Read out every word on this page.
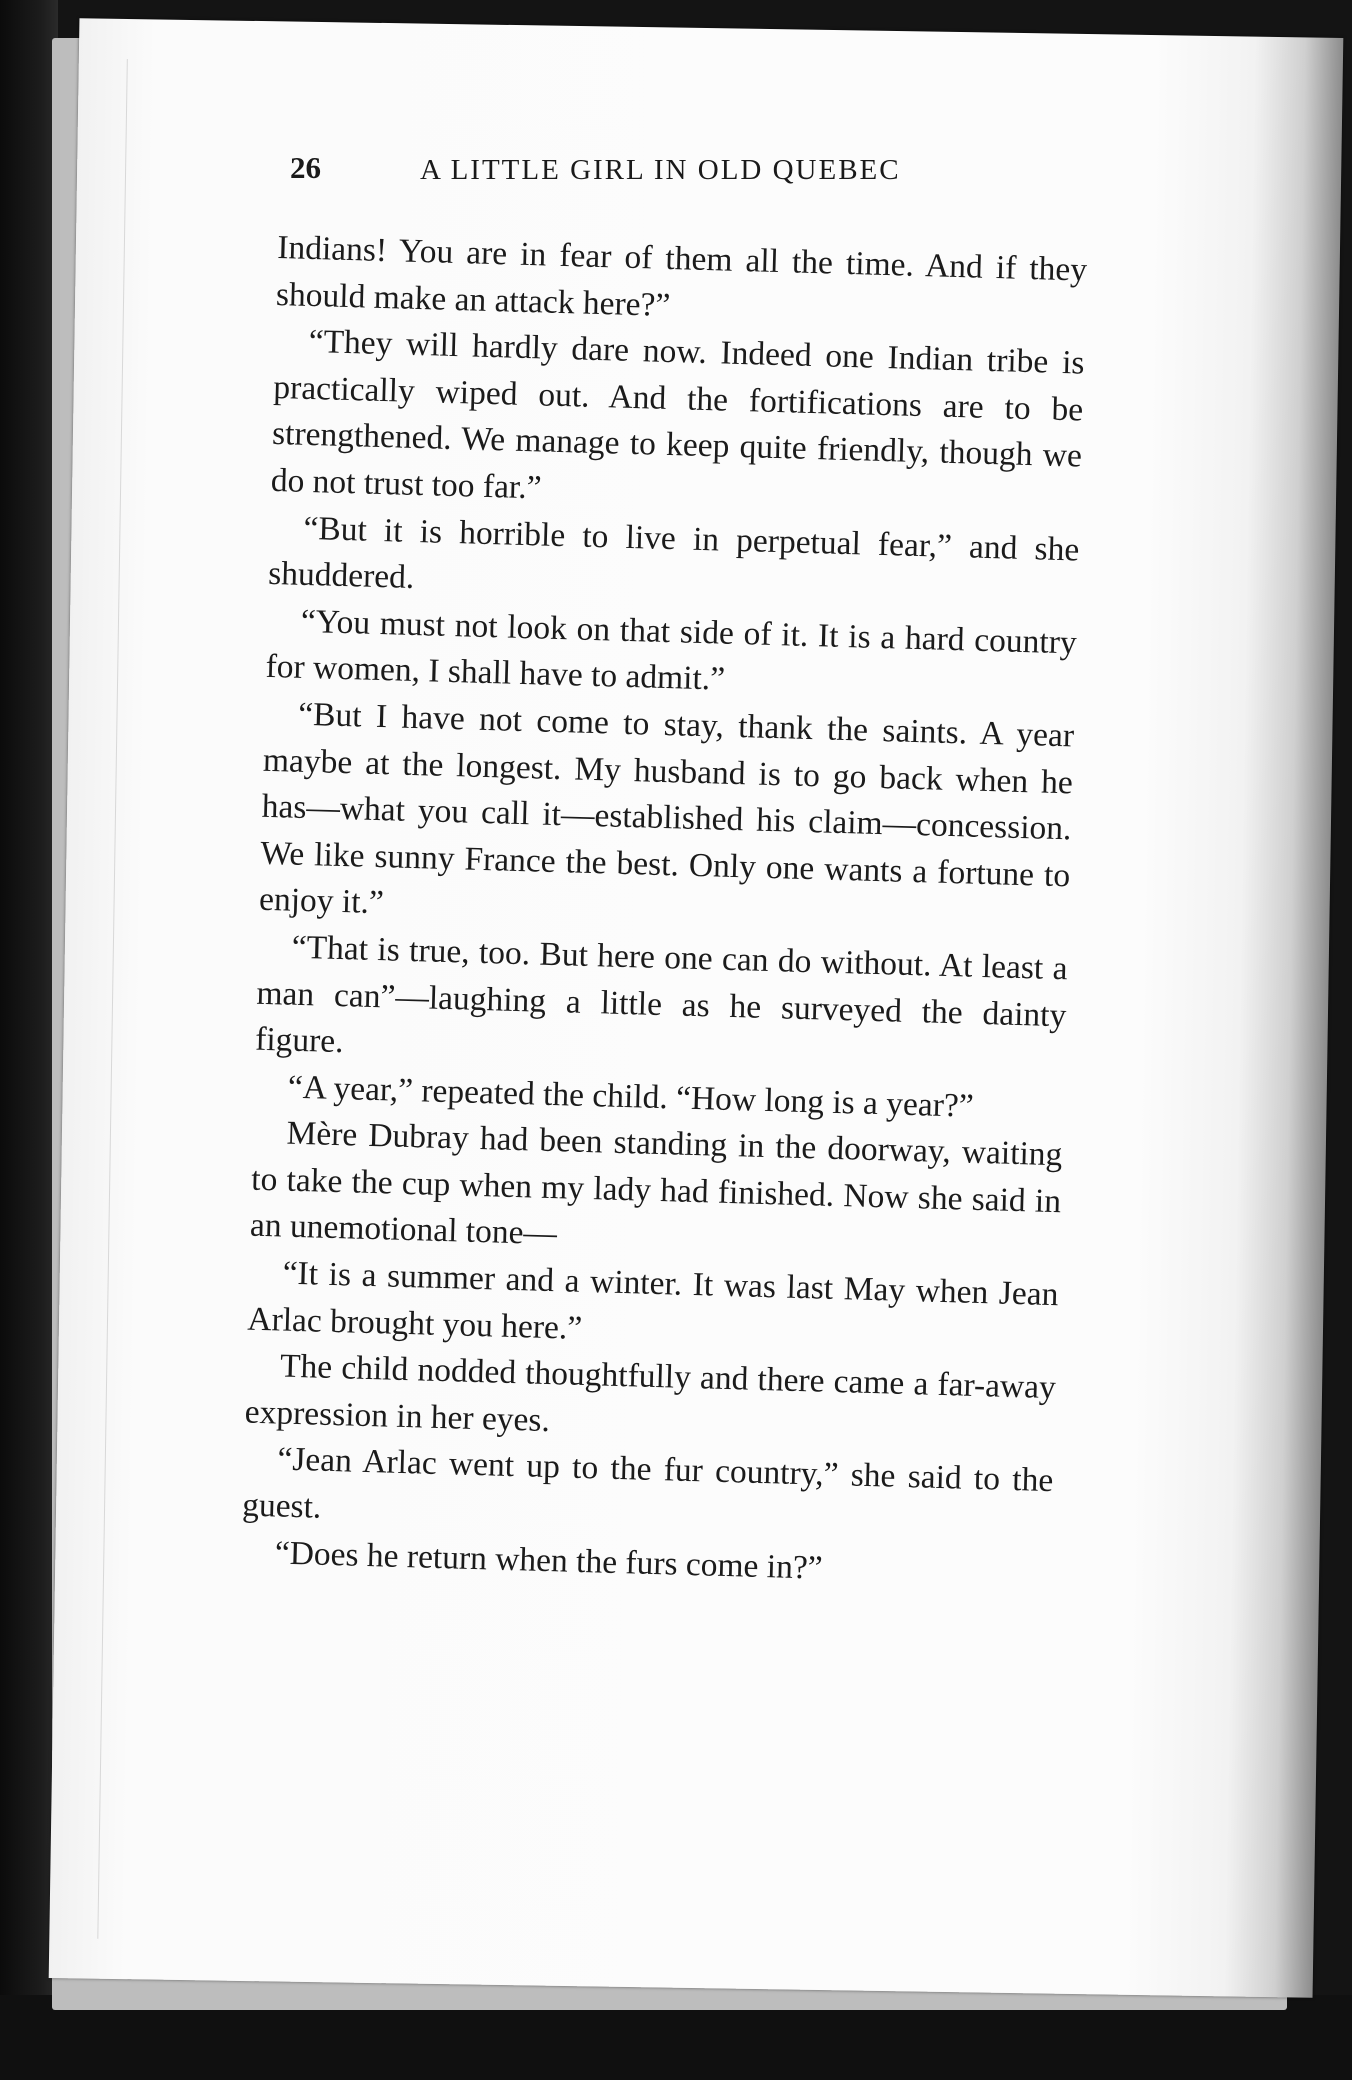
26	A LITTLE GIRL IN OLD QUEBEC

Indians! You are in fear of them all the time. And if they should make an attack here?”

“They will hardly dare now. Indeed one Indian tribe is practically wiped out. And the fortifications are to be strengthened. We manage to keep quite friendly, though we do not trust too far.”

“But it is horrible to live in perpetual fear,” and she shuddered.

“You must not look on that side of it. It is a hard country for women, I shall have to admit.”

“But I have not come to stay, thank the saints. A year maybe at the longest. My husband is to go back when he has—what you call it—established his claim—concession. We like sunny France the best. Only one wants a fortune to enjoy it.”

“That is true, too. But here one can do without. At least a man can”—laughing a little as he surveyed the dainty figure.

“A year,” repeated the child. “How long is a year?”

Mère Dubray had been standing in the doorway, waiting to take the cup when my lady had finished. Now she said in an unemotional tone—

“It is a summer and a winter. It was last May when Jean Arlac brought you here.”

The child nodded thoughtfully and there came a far-away expression in her eyes.

“Jean Arlac went up to the fur country,” she said to the guest.

“Does he return when the furs come in?”
